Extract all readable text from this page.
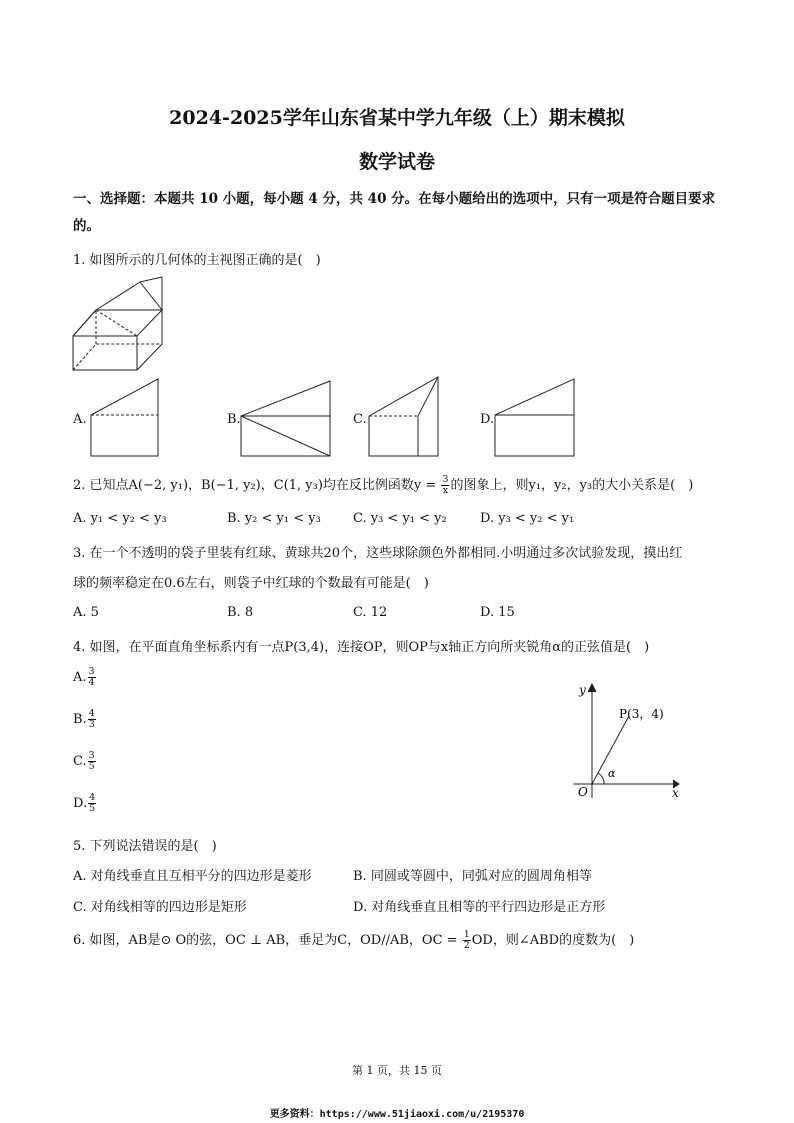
2024-2025学年山东省某中学九年级（上）期末模拟
数学试卷
一、选择题：本题共 10 小题，每小题 4 分，共 40 分。在每小题给出的选项中，只有一项是符合题目要求
的。
1. 如图所示的几何体的主视图正确的是(　)
A.	B.	C.	D.
2. 已知点A(−2, y₁)，B(−1, y₂)，C(1, y₃)均在反比例函数$y = \frac{3}{x}$ 的图象上，则y₁，y₂，y₃的大小关系是(　)
A. y₁ < y₂ < y₃	B. y₂ < y₁ < y₃ C. y₃ < y₁ < y₂	D. y₃ < y₂ < y₁
3. 在一个不透明的袋子里装有红球、黄球共20个，这些球除颜色外都相同.小明通过多次试验发现，摸出红
球的频率稳定在0.6左右，则袋子中红球的个数最有可能是(　)
A. 5	B. 8	C. 12	D. 15
4. 如图，在平面直角坐标系内有一点P(3,4)，连接OP，则OP与x轴正方向所夹锐角α的正弦值是(　)
A. $\frac{3}{4}$
B. $\frac{4}{3}$
C. $\frac{3}{5}$
D. $\frac{4}{5}$
y
x
O
P(3，4)
α
5. 下列说法错误的是(　)
A. 对角线垂直且互相平分的四边形是菱形	B. 同圆或等圆中，同弧对应的圆周角相等
C. 对角线相等的四边形是矩形	D. 对角线垂直且相等的平行四边形是正方形
6. 如图，AB是⊙ O的弦，OC ⊥ AB，垂足为C，OD//AB，OC = $\frac{1}{2}$ OD，则∠ABD的度数为(　)
第 1 页，共 15 页
更多资料：https://www.51jiaoxi.com/u/2195370
